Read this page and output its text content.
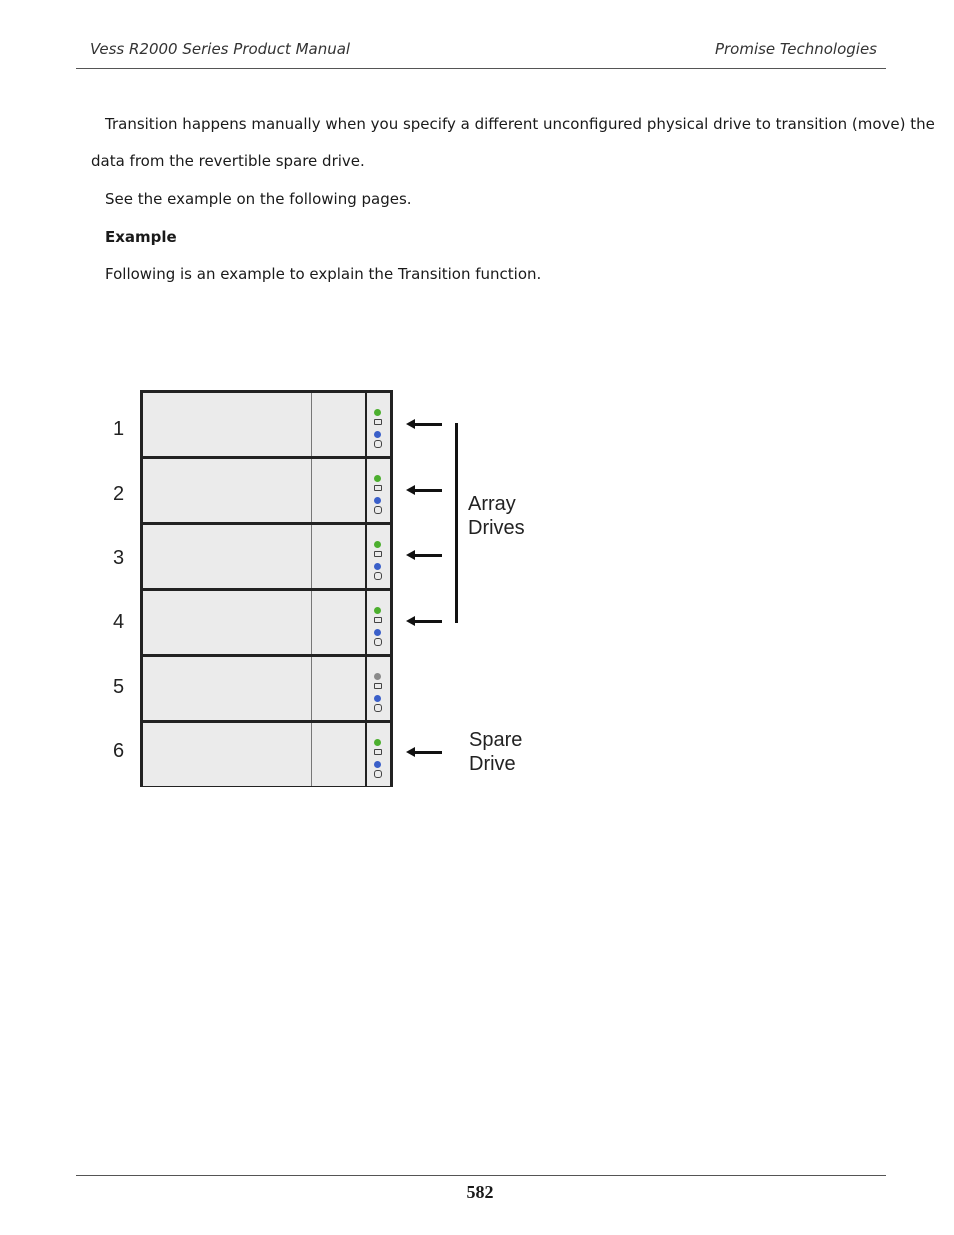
Vess R2000 Series Product Manual	Promise Technologies
Transition happens manually when you specify a different unconfigured physical drive to transition (move) the
data from the revertible spare drive.
See the example on the following pages.
Example
Following is an example to explain the Transition function.
1
2
3
4
5
6
Array
Drives
Spare
Drive
582
